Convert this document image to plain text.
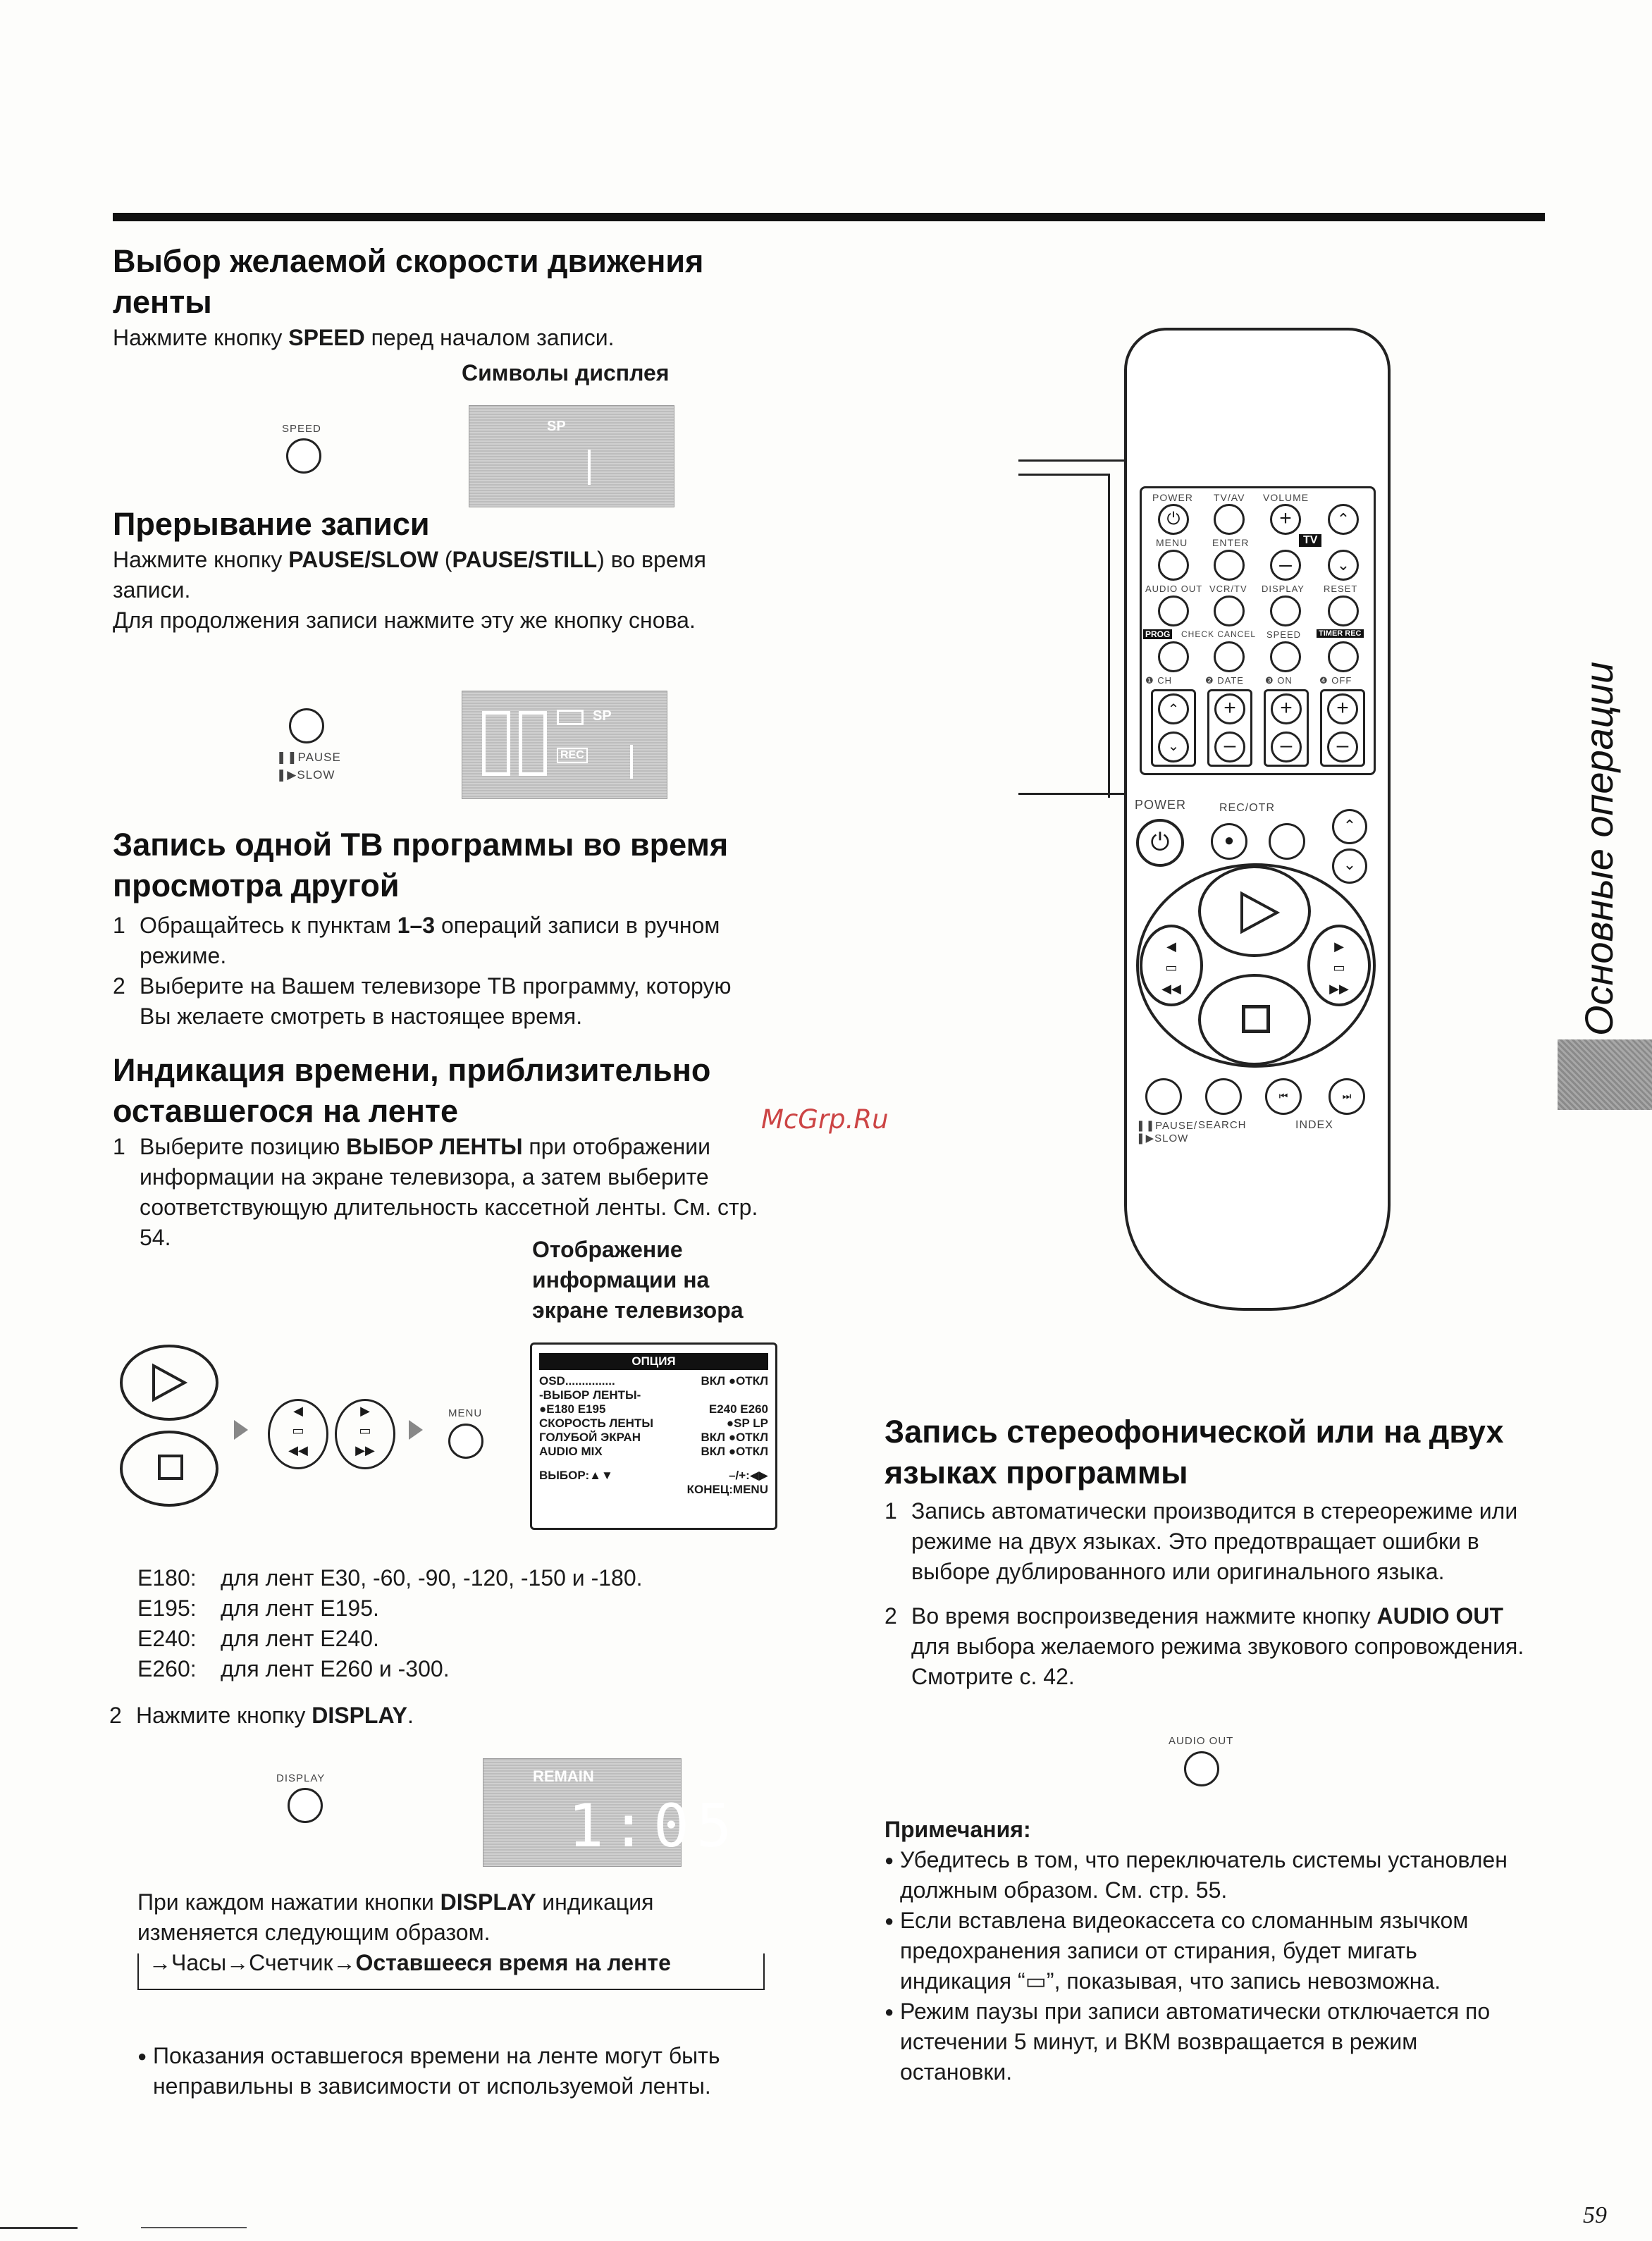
Выбор желаемой скорости движения ленты

Нажмите кнопку SPEED перед началом записи.

Символы дисплея
SPEED	SP
Прерывание записи

Нажмите кнопку PAUSE/SLOW (PAUSE/STILL) во время записи.

Для продолжения записи нажмите эту же кнопку снова.

❚❚PAUSE
❚▶SLOW
SP
REC
Запись одной ТВ программы во время просмотра другой
1 Обращайтесь к пунктам 1–3 операций записи в ручном режиме.
2 Выберите на Вашем телевизоре ТВ программу, которую Вы желаете смотреть в настоящее время.
Индикация времени, приблизительно оставшегося на ленте
1 Выберите позицию ВЫБОР ЛЕНТЫ при отображении информации на экране телевизора, а затем выберите соответствующую длительность кассетной ленты. См. стр. 54.
McGrp.Ru
Отображение информации на экране телевизора
◀
▭
◀◀
▶
▭
▶▶
MENU
ОПЦИЯ
OSD...............	ВКЛ ●ОТКЛ
-ВЫБОР ЛЕНТЫ-
●E180 E195	E240 E260
СКОРОСТЬ ЛЕНТЫ	●SP LP
ГОЛУБОЙ ЭКРАН	ВКЛ ●ОТКЛ
AUDIO MIX	ВКЛ ●ОТКЛ
ВЫБОР:▲▼	–/+:◀▶
КОНЕЦ:MENU
E180: для лент E30, -60, -90, -120, -150 и -180.
E195: для лент E195.
E240: для лент E240.
E260: для лент E260 и -300.
2 Нажмите кнопку DISPLAY.
DISPLAY	REMAIN
1:05

При каждом нажатии кнопки DISPLAY индикация изменяется следующим образом.

→Часы→Счетчик→Оставшееся время на ленте
● Показания оставшегося времени на ленте могут быть неправильны в зависимости от используемой ленты.
Запись стереофонической или на двух языках программы
1 Запись автоматически производится в стереорежиме или режиме на двух языках. Это предотвращает ошибки в выборе дублированного или оригинального языка.
2 Во время воспроизведения нажмите кнопку AUDIO OUT для выбора желаемого режима звукового сопровождения. Смотрите с. 42.
AUDIO OUT
Примечания:
● Убедитесь в том, что переключатель системы установлен должным образом. См. стр. 55.
● Если вставлена видеокассета со сломанным язычком предохранения записи от стирания, будет мигать индикация “▭”, показывая, что запись невозможна.
● Режим паузы при записи автоматически отключается по истечении 5 минут, и ВКМ возвращается в режим остановки.
POWER TV/AV VOLUME
⏻	+	⌃
MENU ENTER	TV
–	⌄
AUDIO OUT VCR/TV DISPLAY RESET
PROG CHECK CANCEL SPEED TIMER REC
❶ CH	❷ DATE ❸ ON	❹ OFF
⌃	+	+	+
⌄	–	–	–
POWER	REC/OTR
⏻	●
⌃
⌄
◀
▭
◀◀
▶
▭
▶▶
⏮	⏭
❚❚PAUSE/ ❚▶SLOW
SEARCH	INDEX
Основные операции
59
